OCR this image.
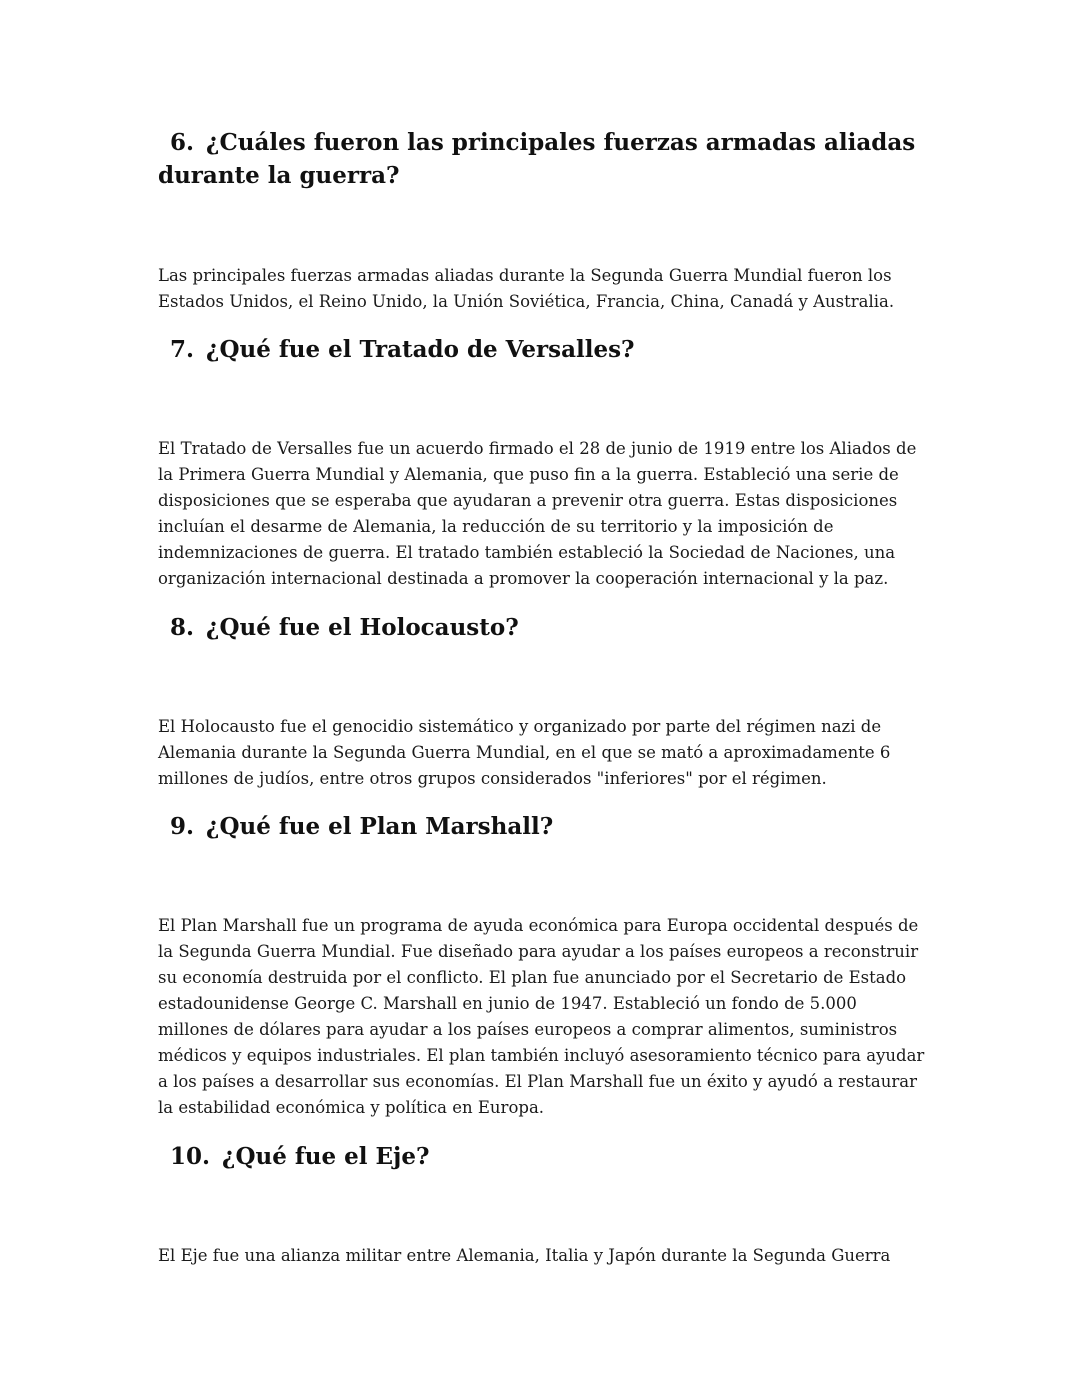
6. ¿Cuáles fueron las principales fuerzas armadas aliadas durante la guerra?

Las principales fuerzas armadas aliadas durante la Segunda Guerra Mundial fueron los Estados Unidos, el Reino Unido, la Unión Soviética, Francia, China, Canadá y Australia.

7. ¿Qué fue el Tratado de Versalles?

El Tratado de Versalles fue un acuerdo firmado el 28 de junio de 1919 entre los Aliados de la Primera Guerra Mundial y Alemania, que puso fin a la guerra. Estableció una serie de disposiciones que se esperaba que ayudaran a prevenir otra guerra. Estas disposiciones incluían el desarme de Alemania, la reducción de su territorio y la imposición de indemnizaciones de guerra. El tratado también estableció la Sociedad de Naciones, una organización internacional destinada a promover la cooperación internacional y la paz.

8. ¿Qué fue el Holocausto?

El Holocausto fue el genocidio sistemático y organizado por parte del régimen nazi de Alemania durante la Segunda Guerra Mundial, en el que se mató a aproximadamente 6 millones de judíos, entre otros grupos considerados "inferiores" por el régimen.

9. ¿Qué fue el Plan Marshall?

El Plan Marshall fue un programa de ayuda económica para Europa occidental después de la Segunda Guerra Mundial. Fue diseñado para ayudar a los países europeos a reconstruir su economía destruida por el conflicto. El plan fue anunciado por el Secretario de Estado estadounidense George C. Marshall en junio de 1947. Estableció un fondo de 5.000 millones de dólares para ayudar a los países europeos a comprar alimentos, suministros médicos y equipos industriales. El plan también incluyó asesoramiento técnico para ayudar a los países a desarrollar sus economías. El Plan Marshall fue un éxito y ayudó a restaurar la estabilidad económica y política en Europa.

10. ¿Qué fue el Eje?

El Eje fue una alianza militar entre Alemania, Italia y Japón durante la Segunda Guerra
